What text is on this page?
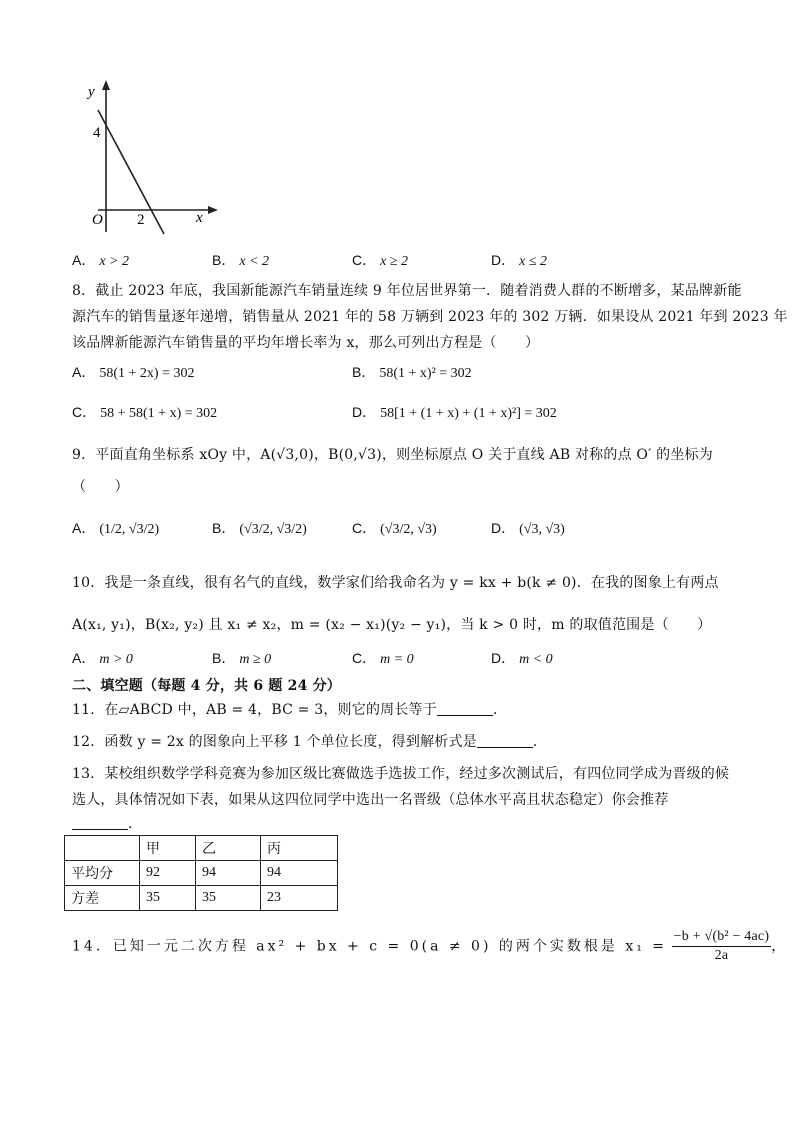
y
x
O
4
2
A． x > 2	B． x < 2	C． x ≥ 2	D． x ≤ 2
8．截止 2023 年底，我国新能源汽车销量连续 9 年位居世界第一．随着消费人群的不断增多，某品牌新能
源汽车的销售量逐年递增，销售量从 2021 年的 58 万辆到 2023 年的 302 万辆．如果设从 2021 年到 2023 年
该品牌新能源汽车销售量的平均年增长率为 x，那么可列出方程是（　　）
A． 58(1 + 2x) = 302	B． 58(1 + x)² = 302
C． 58 + 58(1 + x) = 302	D． 58[1 + (1 + x) + (1 + x)²] = 302
9．平面直角坐标系 xOy 中，A(√3,0)，B(0,√3)，则坐标原点 O 关于直线 AB 对称的点 O′ 的坐标为
（　　）
A． (1/2, √3/2)	B． (√3/2, √3/2)	C． (√3/2, √3)	D． (√3, √3)
10．我是一条直线，很有名气的直线，数学家们给我命名为 y = kx + b(k ≠ 0)．在我的图象上有两点
A(x₁, y₁)，B(x₂, y₂) 且 x₁ ≠ x₂，m = (x₂ − x₁)(y₂ − y₁)，当 k > 0 时，m 的取值范围是（　　）
A． m > 0	B． m ≥ 0	C． m = 0	D． m < 0
二、填空题（每题 4 分，共 6 题 24 分）
11．在▱ABCD 中，AB = 4，BC = 3，则它的周长等于	．
12．函数 y = 2x 的图象向上平移 1 个单位长度，得到解析式是	．
13．某校组织数学学科竞赛为参加区级比赛做选手选拔工作，经过多次测试后，有四位同学成为晋级的候
选人，具体情况如下表，如果从这四位同学中选出一名晋级（总体水平高且状态稳定）你会推荐
．
	甲	乙	丙
平均分	92	94	94
方差	35	35	23
14．已知一元二次方程 ax² + bx + c = 0(a ≠ 0) 的两个实数根是 $x_1 = \frac{\text{−b + √(b² − 4ac)}}{2a}$ ，
